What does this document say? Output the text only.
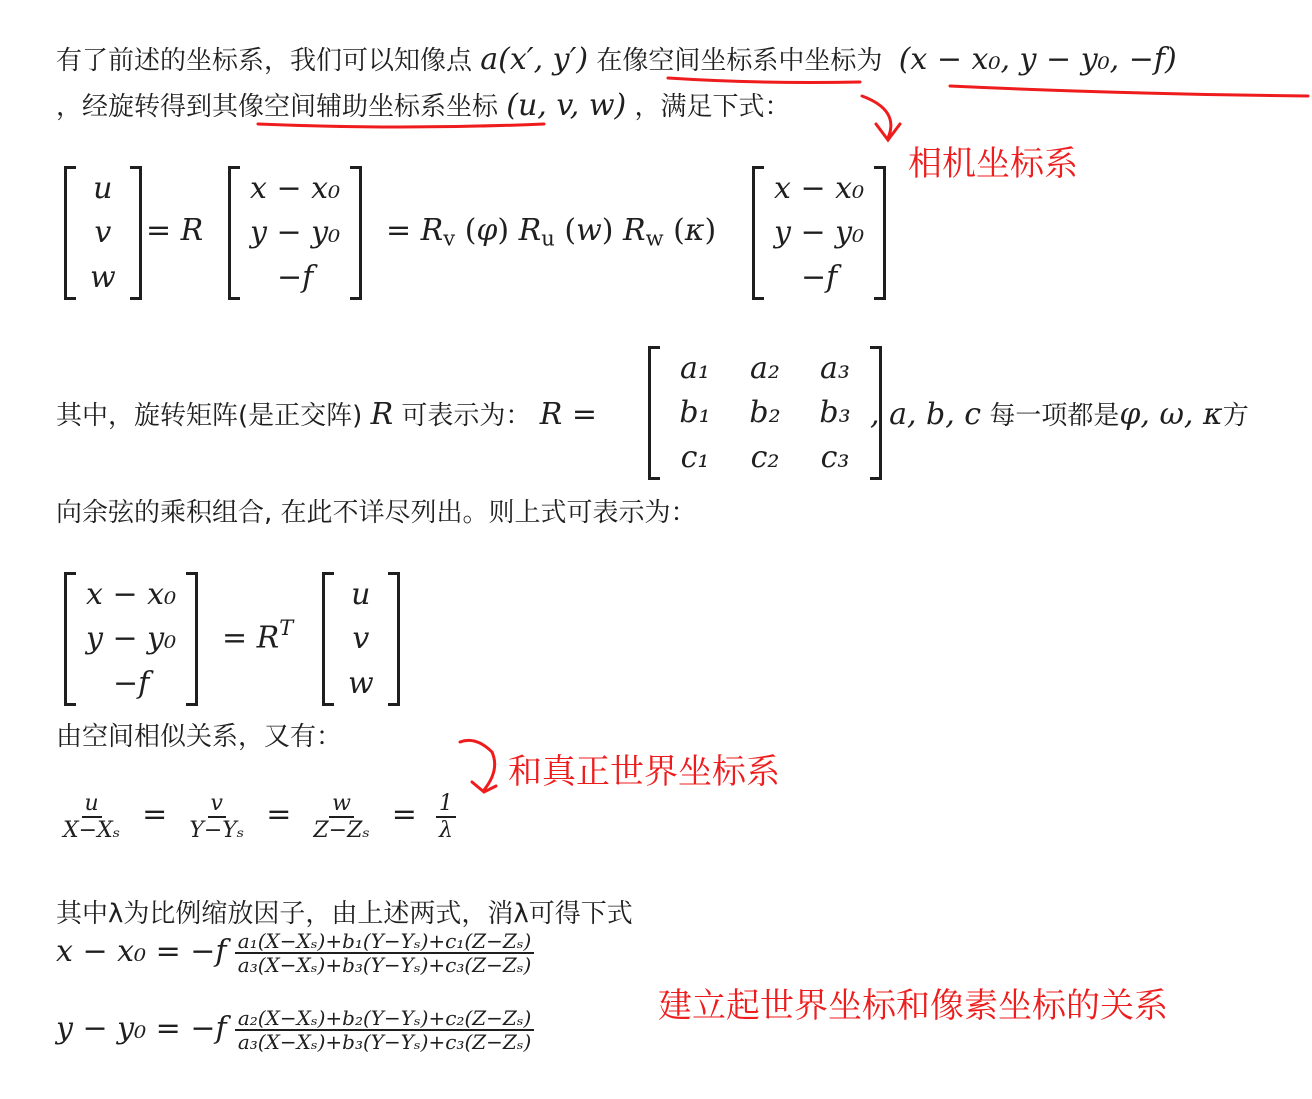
有了前述的坐标系，我们可以知像点 a(x′, y′) 在像空间坐标系中坐标为 (x − x₀, y − y₀, −f)
，经旋转得到其像空间辅助坐标系坐标 (u, v, w) ，满足下式：
u
v
w
= R
x − x₀
y − y₀
−f
= $R_v$ (φ) $R_u$ (w) $R_w$ (κ)
x − x₀
y − y₀
−f
其中，旋转矩阵(是正交阵) R 可表示为： R =
a₁ a₂ a₃
b₁ b₂ b₃
c₁ c₂ c₃
, a, b, c 每一项都是φ, ω, κ方
向余弦的乘积组合, 在此不详尽列出。则上式可表示为：
x − x₀
y − y₀
−f
= $R^T$
u
v
w
由空间相似关系，又有：
$\frac{u}{\text{X−Xₛ}} = \frac{v}{\text{Y−Yₛ}} = \frac{w}{\text{Z−Zₛ}} = \frac{1}{\lambda}$
其中λ为比例缩放因子，由上述两式，消λ可得下式
$x - x_0 = -f \frac{\text{a₁(X−Xₛ)+b₁(Y−Yₛ)+c₁(Z−Zₛ)}}{\text{a₃(X−Xₛ)+b₃(Y−Yₛ)+c₃(Z−Zₛ)}}$
$y - y_0 = -f \frac{\text{a₂(X−Xₛ)+b₂(Y−Yₛ)+c₂(Z−Zₛ)}}{\text{a₃(X−Xₛ)+b₃(Y−Yₛ)+c₃(Z−Zₛ)}}$
相机坐标系
和真正世界坐标系
建立起世界坐标和像素坐标的关系
